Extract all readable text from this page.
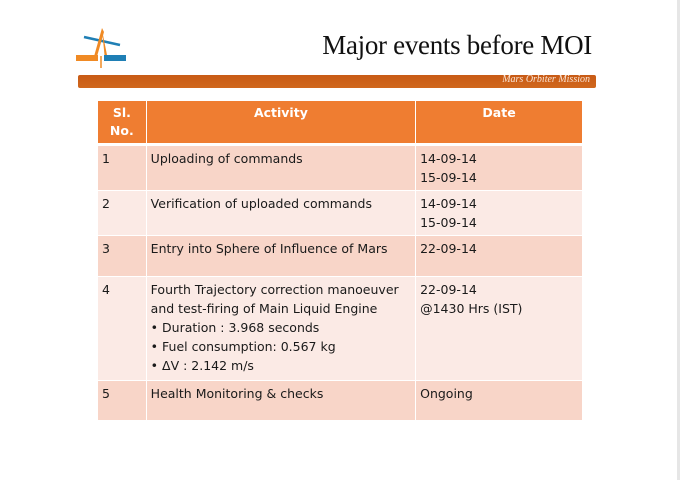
Major events before MOI
Mars Orbiter Mission
Sl. No.	Activity	Date
1	Uploading of commands	14-09-14
15-09-14

2	Verification of uploaded commands	14-09-14
15-09-14

3	Entry into Sphere of Influence of Mars	22-09-14

4	Fourth Trajectory correction manoeuver and test-firing of Main Liquid Engine
• Duration : 3.968 seconds
• Fuel consumption: 0.567 kg
• ΔV : 2.142 m/s	22-09-14
@1430 Hrs (IST)

5	Health Monitoring & checks	Ongoing
